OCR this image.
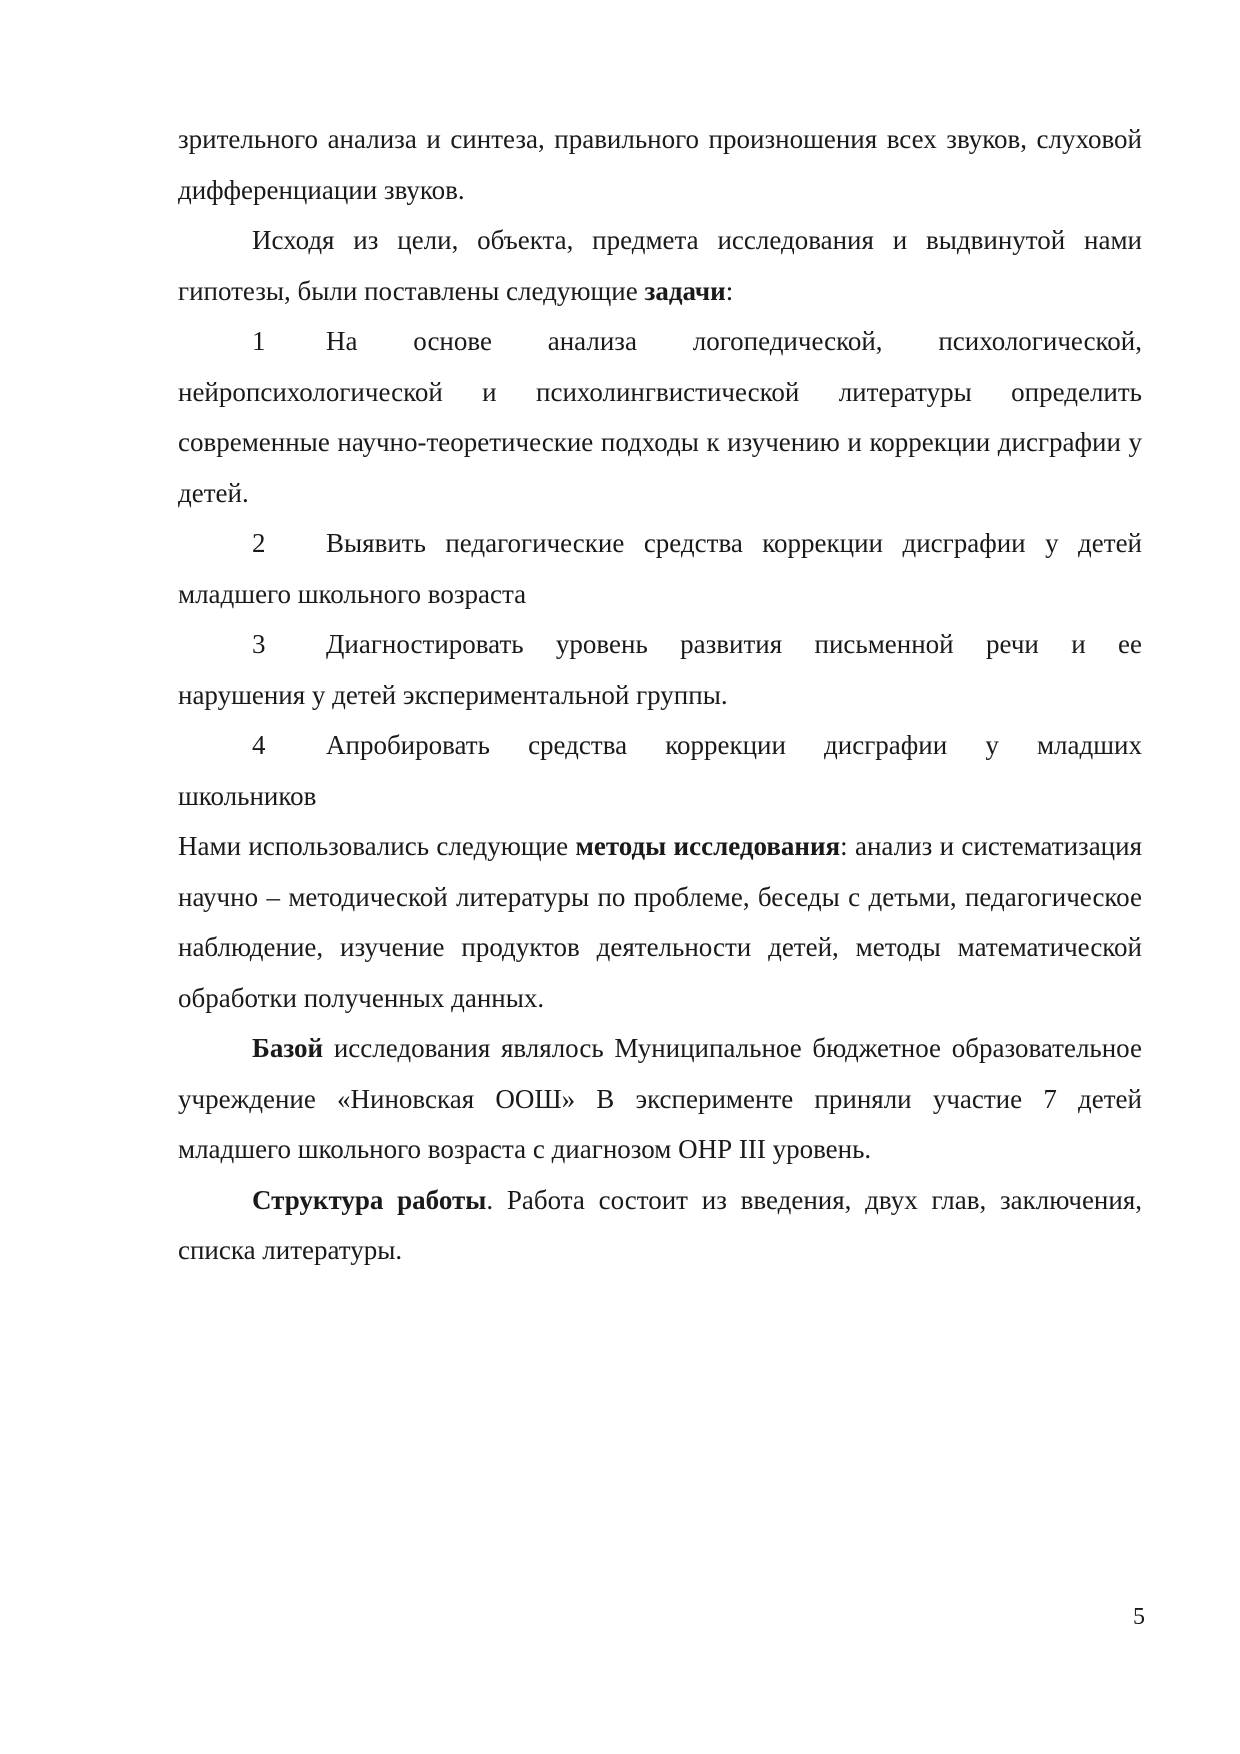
зрительного анализа и синтеза, правильного произношения всех звуков, слуховой дифференциации звуков.

Исходя из цели, объекта, предмета исследования и выдвинутой нами гипотезы, были поставлены следующие задачи:

1	На основе анализа логопедической, психологической,

нейропсихологической и психолингвистической литературы определить современные научно-теоретические подходы к изучению и коррекции дисграфии у детей.

2	Выявить педагогические средства коррекции дисграфии у детей

младшего школьного возраста

3	Диагностировать уровень развития письменной речи и ее

нарушения у детей экспериментальной группы.

4	Апробировать средства коррекции дисграфии у младших

школьников

Нами использовались следующие методы исследования: анализ и систематизация научно – методической литературы по проблеме, беседы с детьми, педагогическое наблюдение, изучение продуктов деятельности детей, методы математической обработки полученных данных.

Базой исследования являлось Муниципальное бюджетное образовательное учреждение «Ниновская ООШ» В эксперименте приняли участие 7 детей младшего школьного возраста с диагнозом ОНР III уровень.

Структура работы. Работа состоит из введения, двух глав, заключения, списка литературы.

5
